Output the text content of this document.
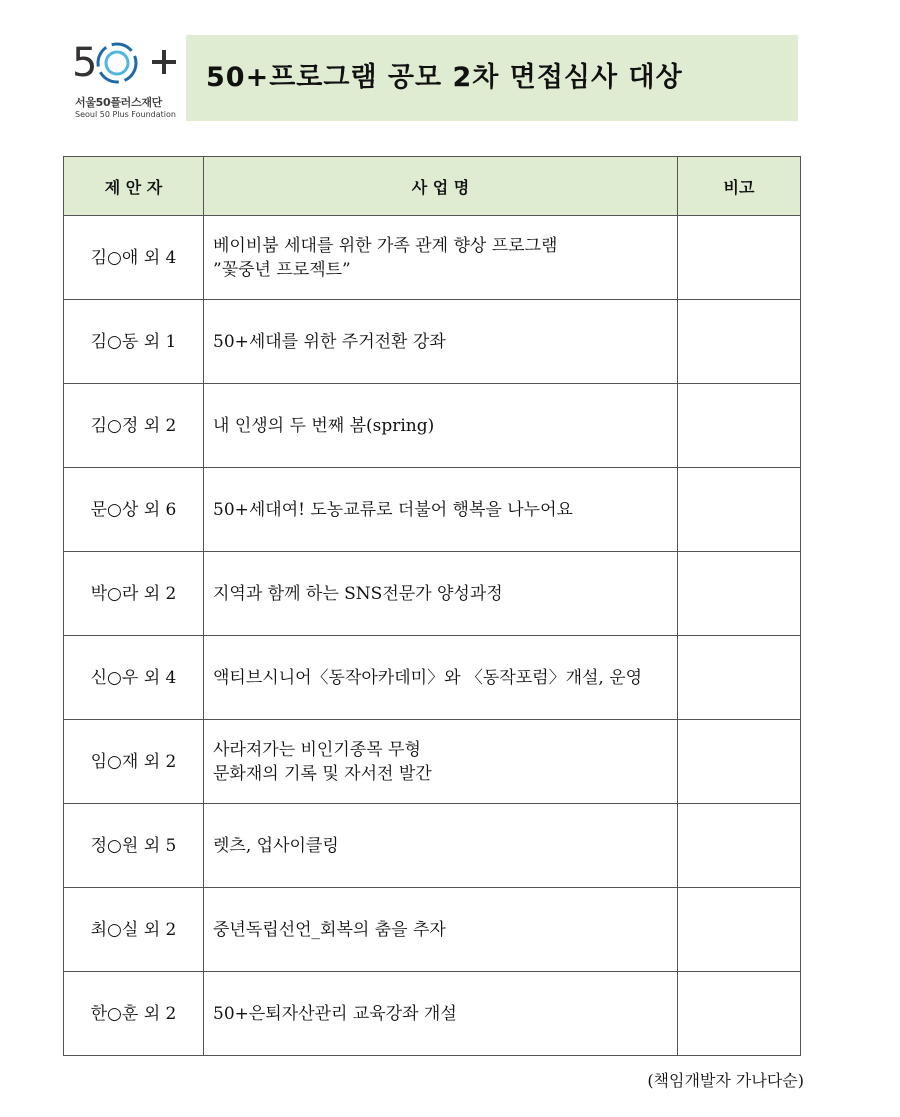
5
서울50플러스재단
Seoul 50 Plus Foundation
50+프로그램 공모 2차 면접심사 대상
제 안 자	사 업 명	비고
김○애 외 4	베이비붐 세대를 위한 가족 관계 향상 프로그램
”꽃중년 프로젝트”	

김○동 외 1	50+세대를 위한 주거전환 강좌	

김○정 외 2	내 인생의 두 번째 봄(spring)	

문○상 외 6	50+세대여! 도농교류로 더불어 행복을 나누어요	

박○라 외 2	지역과 함께 하는 SNS전문가 양성과정	

신○우 외 4	액티브시니어〈동작아카데미〉와 〈동작포럼〉개설, 운영	

임○재 외 2	사라져가는 비인기종목 무형
문화재의 기록 및 자서전 발간	

정○원 외 5	렛츠, 업사이클링	

최○실 외 2	중년독립선언_회복의 춤을 추자	

한○훈 외 2	50+은퇴자산관리 교육강좌 개설	

(책임개발자 가나다순)
